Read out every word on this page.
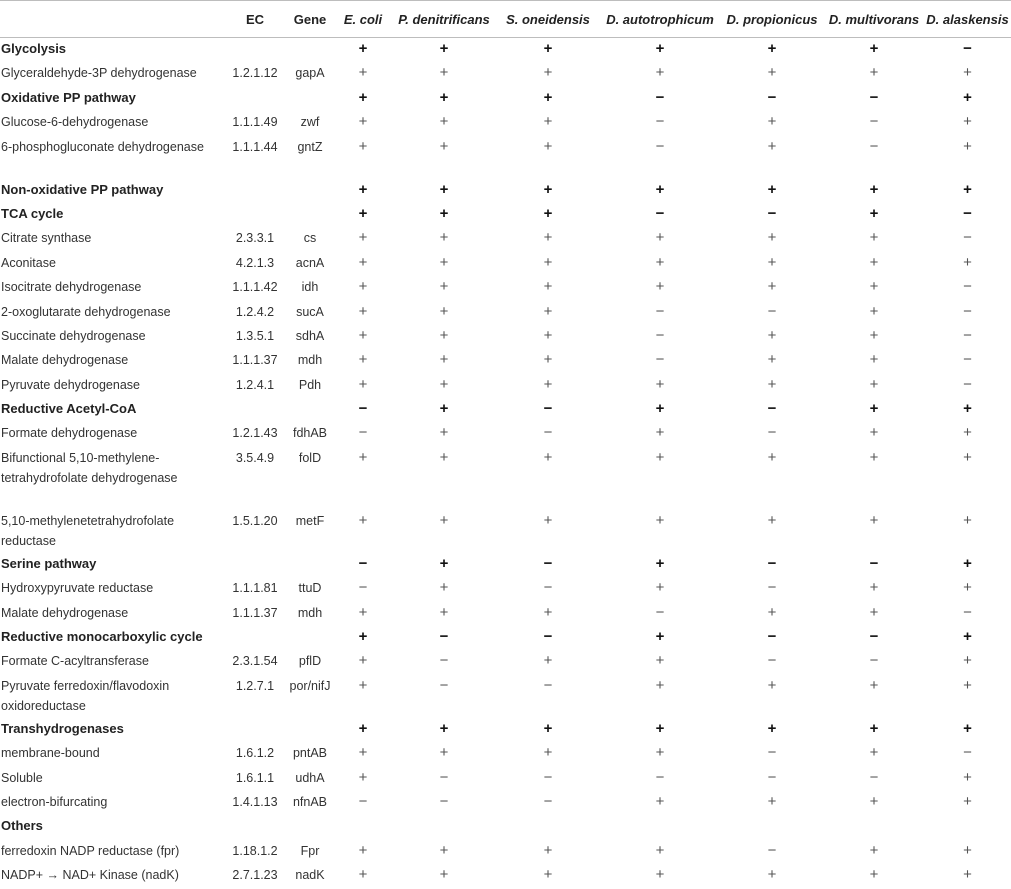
	EC	Gene	E. coli	P. denitrificans	S. oneidensis	D. autotrophicum	D. propionicus	D. multivorans	D. alaskensis
Glycolysis			+	+	+	+	+	+	−
Glyceraldehyde-3P dehydrogenase	1.2.1.12	gapA	+	+	+	+	+	+	+
Oxidative PP pathway			+	+	+	−	−	−	+
Glucose-6-dehydrogenase	1.1.1.49	zwf	+	+	+	−	+	−	+
6-phosphogluconate dehydrogenase	1.1.1.44	gntZ	+	+	+	−	+	−	+
Non-oxidative PP pathway			+	+	+	+	+	+	+
TCA cycle			+	+	+	−	−	+	−
Citrate synthase	2.3.3.1	cs	+	+	+	+	+	+	−
Aconitase	4.2.1.3	acnA	+	+	+	+	+	+	+
Isocitrate dehydrogenase	1.1.1.42	idh	+	+	+	+	+	+	−
2-oxoglutarate dehydrogenase	1.2.4.2	sucA	+	+	+	−	−	+	−
Succinate dehydrogenase	1.3.5.1	sdhA	+	+	+	−	+	+	−
Malate dehydrogenase	1.1.1.37	mdh	+	+	+	−	+	+	−
Pyruvate dehydrogenase	1.2.4.1	Pdh	+	+	+	+	+	+	−
Reductive Acetyl-CoA			−	+	−	+	−	+	+
Formate dehydrogenase	1.2.1.43	fdhAB	−	+	−	+	−	+	+
Bifunctional 5,10-methylene-tetrahydrofolate dehydrogenase	3.5.4.9	folD	+	+	+	+	+	+	+
5,10-methylenetetrahydrofolate reductase	1.5.1.20	metF	+	+	+	+	+	+	+
Serine pathway			−	+	−	+	−	−	+
Hydroxypyruvate reductase	1.1.1.81	ttuD	−	+	−	+	−	+	+
Malate dehydrogenase	1.1.1.37	mdh	+	+	+	−	+	+	−
Reductive monocarboxylic cycle			+	−	−	+	−	−	+
Formate C-acyltransferase	2.3.1.54	pflD	+	−	+	+	−	−	+
Pyruvate ferredoxin/flavodoxin oxidoreductase	1.2.7.1	por/nifJ	+	−	−	+	+	+	+
Transhydrogenases			+	+	+	+	+	+	+
membrane-bound	1.6.1.2	pntAB	+	+	+	+	−	+	−
Soluble	1.6.1.1	udhA	+	−	−	−	−	−	+
electron-bifurcating	1.4.1.13	nfnAB	−	−	−	+	+	+	+
Others									
ferredoxin NADP reductase (fpr)	1.18.1.2	Fpr	+	+	+	+	−	+	+
NADP+ → NAD+ Kinase (nadK)	2.7.1.23	nadK	+	+	+	+	+	+	+
